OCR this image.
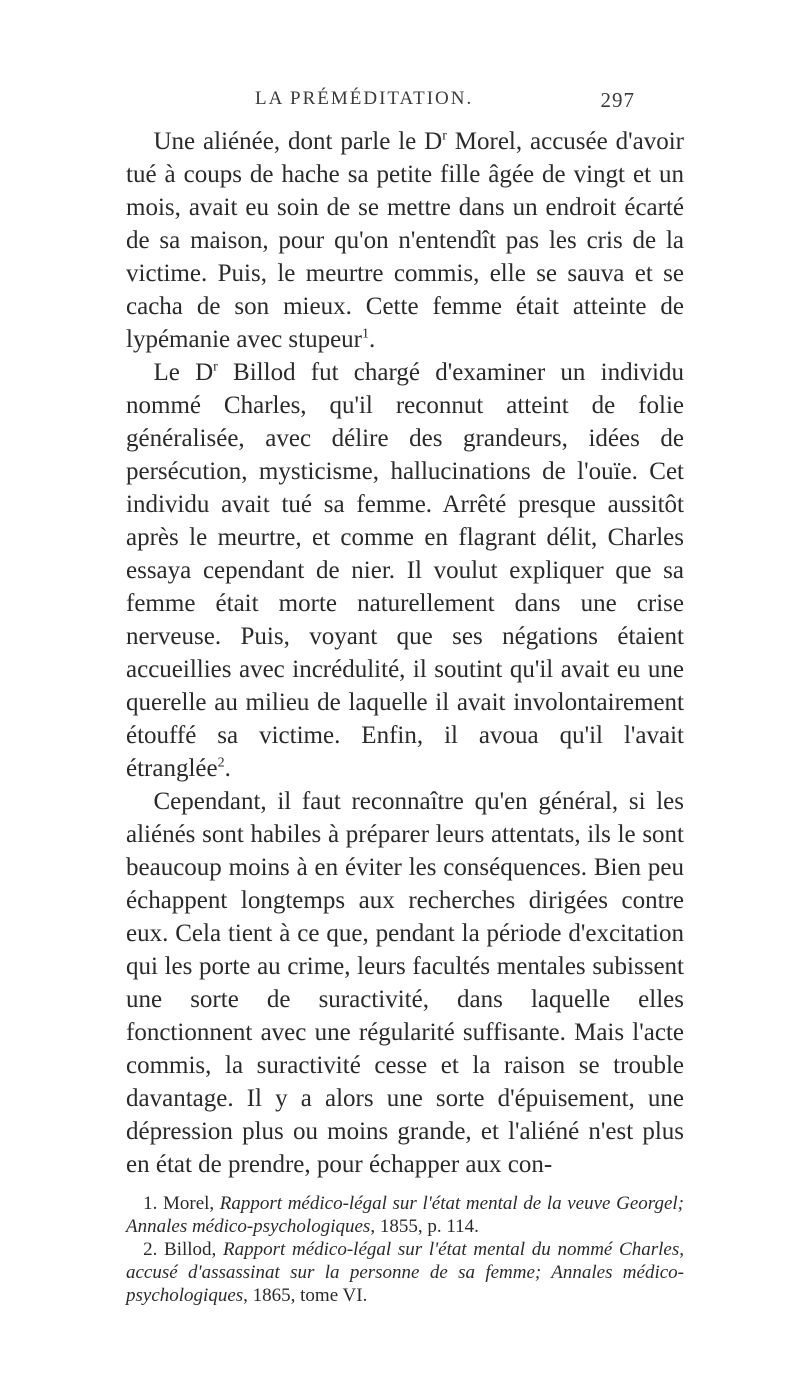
LA PRÉMÉDITATION.	297

Une aliénée, dont parle le $D^r$ Morel, accusée d'avoir tué à coups de hache sa petite fille âgée de vingt et un mois, avait eu soin de se mettre dans un endroit écarté de sa maison, pour qu'on n'entendît pas les cris de la victime. Puis, le meurtre commis, elle se sauva et se cacha de son mieux. Cette femme était atteinte de lypémanie avec stupeur$^1$.

Le $D^r$ Billod fut chargé d'examiner un individu nommé Charles, qu'il reconnut atteint de folie généralisée, avec délire des grandeurs, idées de persécution, mysticisme, hallucinations de l'ouïe. Cet individu avait tué sa femme. Arrêté presque aussitôt après le meurtre, et comme en flagrant délit, Charles essaya cependant de nier. Il voulut expliquer que sa femme était morte naturellement dans une crise nerveuse. Puis, voyant que ses négations étaient accueillies avec incrédulité, il soutint qu'il avait eu une querelle au milieu de laquelle il avait involontairement étouffé sa victime. Enfin, il avoua qu'il l'avait étranglée$^2$.

Cependant, il faut reconnaître qu'en général, si les aliénés sont habiles à préparer leurs attentats, ils le sont beaucoup moins à en éviter les conséquences. Bien peu échappent longtemps aux recherches dirigées contre eux. Cela tient à ce que, pendant la période d'excitation qui les porte au crime, leurs facultés mentales subissent une sorte de suractivité, dans laquelle elles fonctionnent avec une régularité suffisante. Mais l'acte commis, la suractivité cesse et la raison se trouble davantage. Il y a alors une sorte d'épuisement, une dépression plus ou moins grande, et l'aliéné n'est plus en état de prendre, pour échapper aux con-

1. Morel, Rapport médico-légal sur l'état mental de la veuve Georgel; Annales médico-psychologiques, 1855, p. 114.

2. Billod, Rapport médico-légal sur l'état mental du nommé Charles, accusé d'assassinat sur la personne de sa femme; Annales médico-psychologiques, 1865, tome VI.
